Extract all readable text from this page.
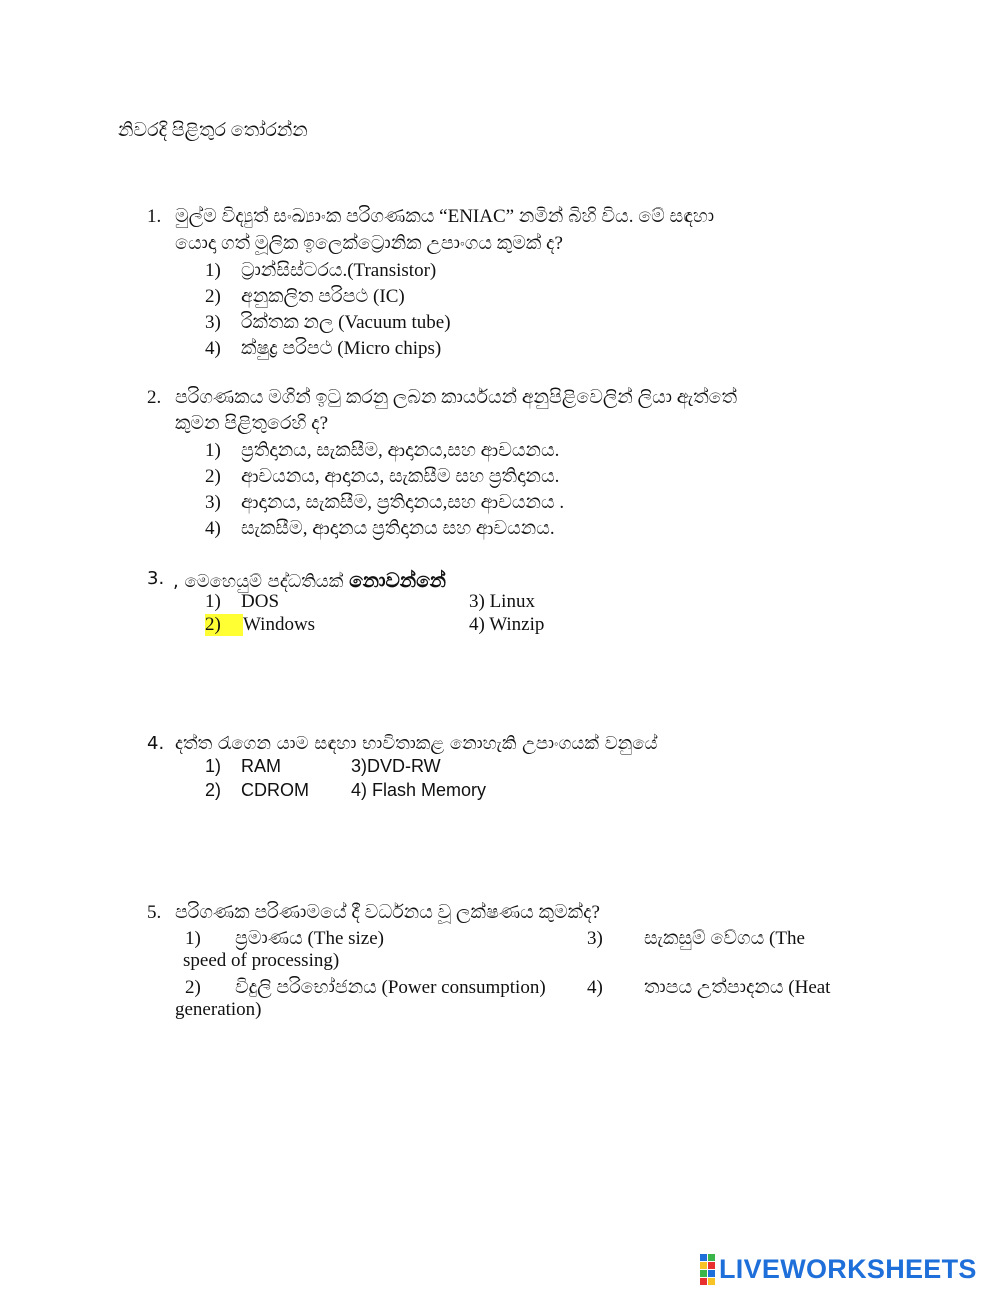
නිවරදි පිළිතුර තෝරන්න
1. මුල්ම විද්‍යුත් සංඛ්‍යාංක පරිගණකය “ENIAC” නමින් බිහි විය. මේ සඳහා
යොදා ගත් මූලික ඉලෙක්ට්‍රොනික උපාංගය කුමක් ද?
1) ට්‍රාන්සිස්ටරය.(Transistor)
2) අනුකලිත පරිපථ (IC)
3) රික්තක නල (Vacuum tube)
4) ක්ෂුද්‍ර පරිපථ (Micro chips)
2. පරිගණකය මගින් ඉටු කරනු ලබන කාර්යයන් අනුපිළිවෙලින් ලියා ඇත්තේ
කුමන පිළිතුරෙහි ද?
1) ප්‍රතිදානය, සැකසීම, ආදානය,සහ ආචයනය.
2) ආචයනය, ආදානය, සැකසීම සහ ප්‍රතිදානය.
3) ආදානය, සැකසීම, ප්‍රතිදානය,සහ ආචයනය .
4) සැකසීම, ආදානය ප්‍රතිදානය සහ ආචයනය.
3. , මෙහෙයුම් පද්ධතියක් නොවන්නේ
1) DOS	3) Linux
2) Windows	4) Winzip
4. දත්ත රැගෙන යාම සඳහා භාවිතාකළ නොහැකි උපාංගයක් වනුයේ
1) RAM	3)DVD-RW
2) CDROM 4) Flash Memory
5. පරිගණක පරිණාමයේ දී වර්ධනය වූ ලක්ෂණය කුමක්ද?
1) ප්‍රමාණය (The size)	3) සැකසුම් වේගය (The
speed of processing)
2) විදුලි පරිභෝජනය (Power consumption) 4) තාපය උත්පාදනය (Heat
generation)
LIVEWORKSHEETS
